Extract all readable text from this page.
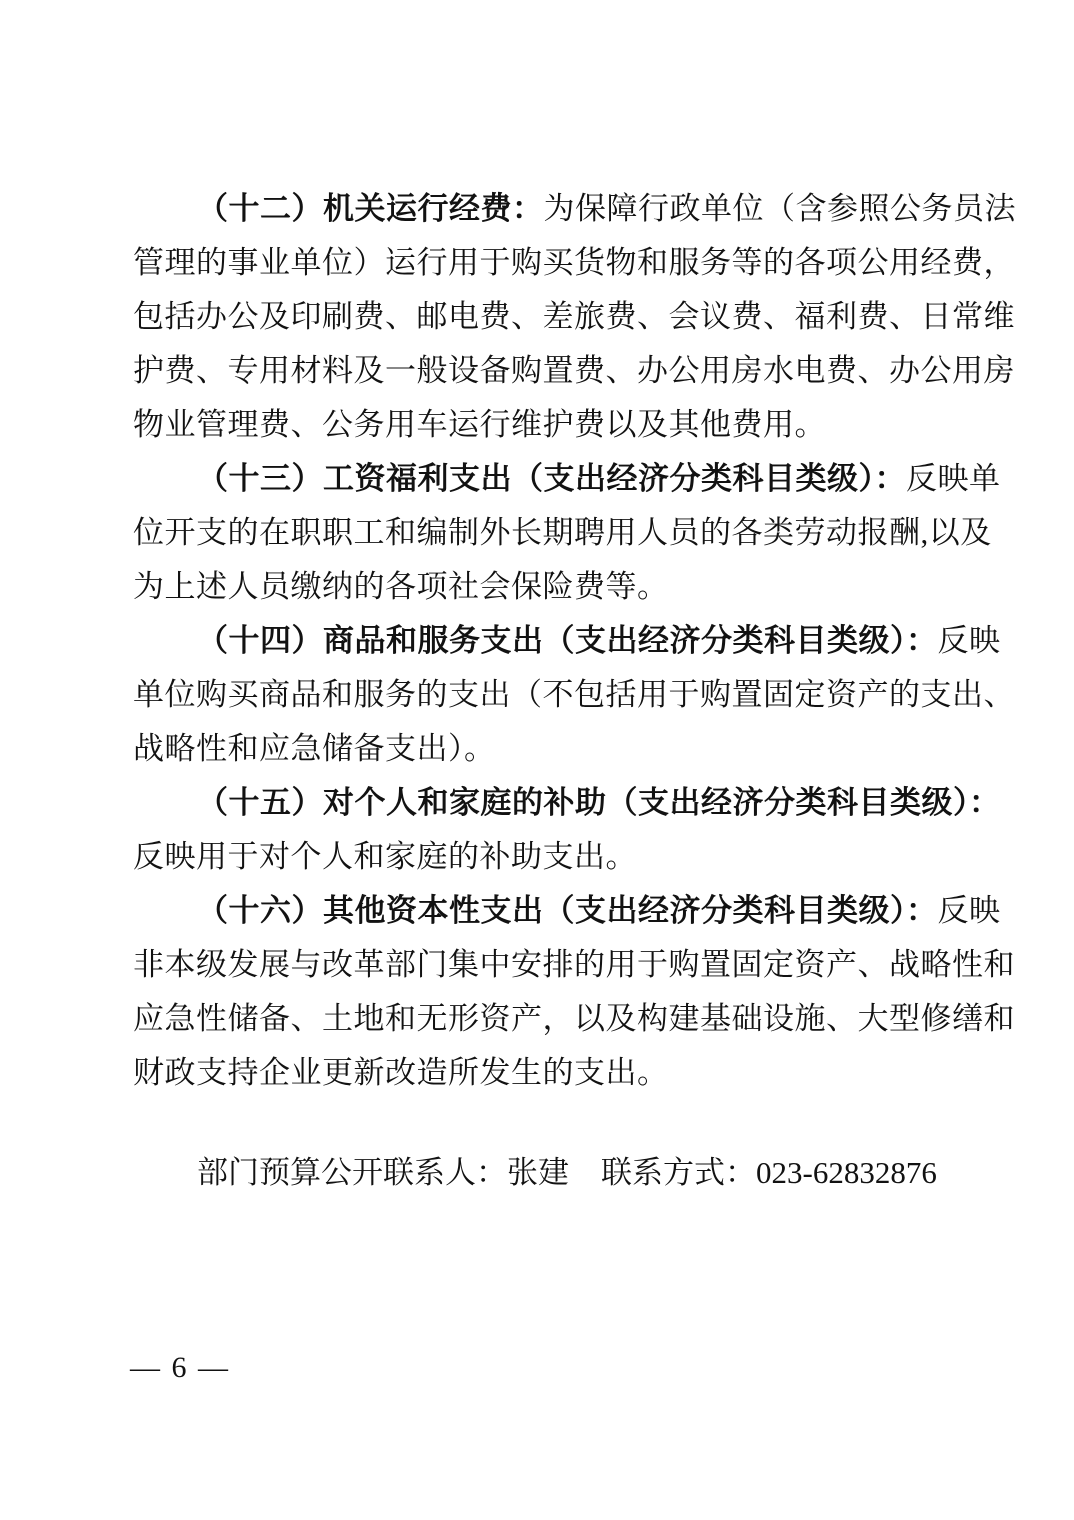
（十二）机关运行经费：为保障行政单位（含参照公务员法
管理的事业单位）运行用于购买货物和服务等的各项公用经费，
包括办公及印刷费、邮电费、差旅费、会议费、福利费、日常维
护费、专用材料及一般设备购置费、办公用房水电费、办公用房
物业管理费、公务用车运行维护费以及其他费用。
（十三）工资福利支出（支出经济分类科目类级）：反映单
位开支的在职职工和编制外长期聘用人员的各类劳动报酬,以及
为上述人员缴纳的各项社会保险费等。
（十四）商品和服务支出（支出经济分类科目类级）：反映
单位购买商品和服务的支出（不包括用于购置固定资产的支出、
战略性和应急储备支出）。
（十五）对个人和家庭的补助（支出经济分类科目类级）：
反映用于对个人和家庭的补助支出。
（十六）其他资本性支出（支出经济分类科目类级）：反映
非本级发展与改革部门集中安排的用于购置固定资产、战略性和
应急性储备、土地和无形资产，以及构建基础设施、大型修缮和
财政支持企业更新改造所发生的支出。
部门预算公开联系人： 张建 联系方式： 023-62832876
— 6 —
